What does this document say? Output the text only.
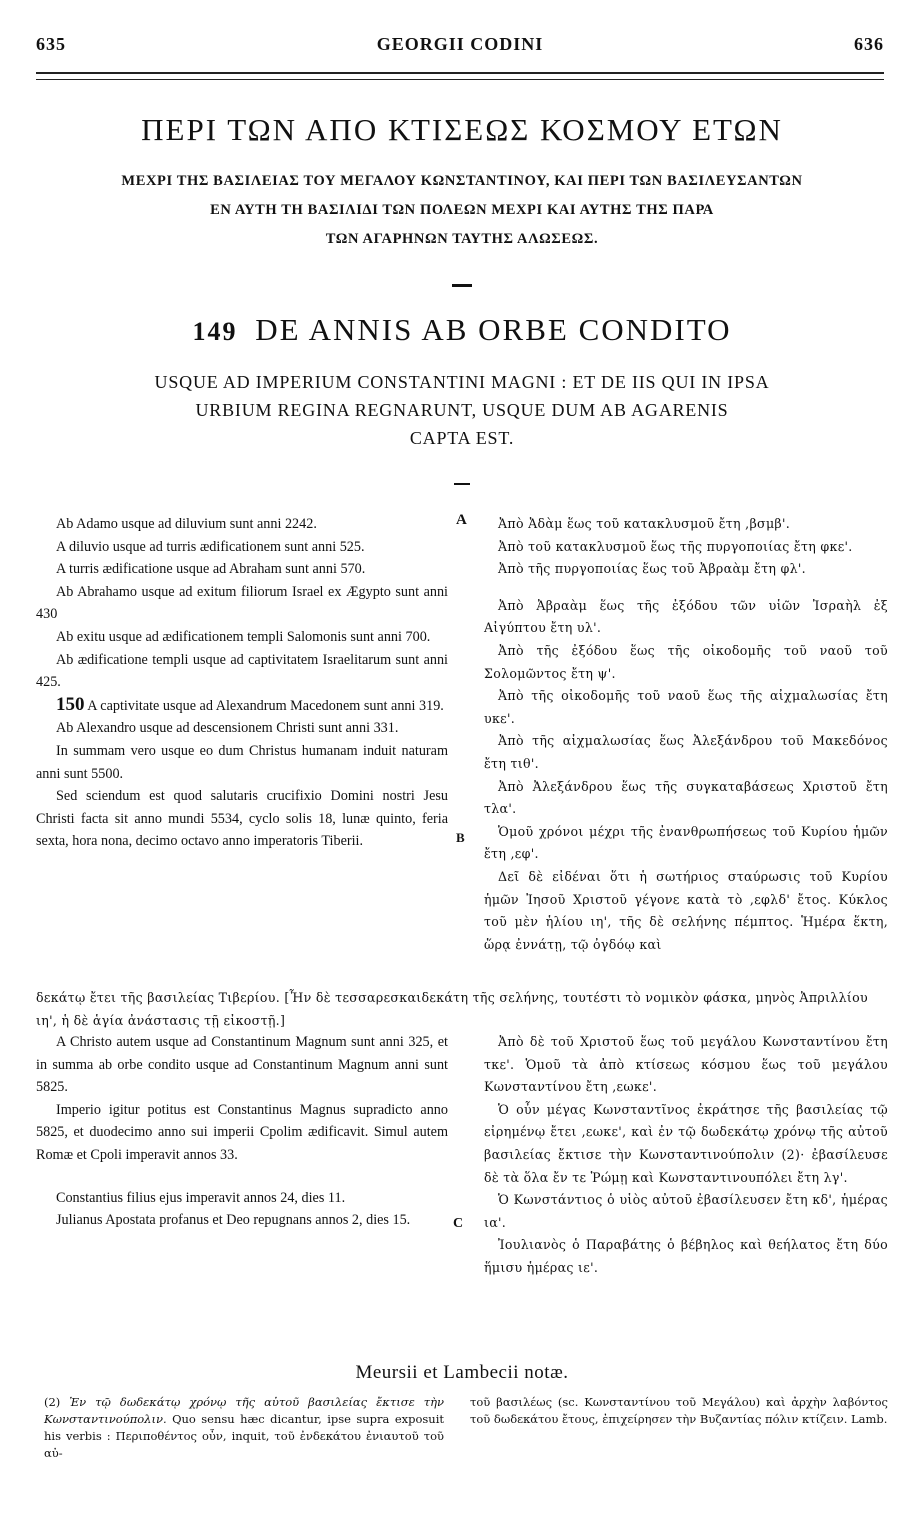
635	GEORGII CODINI	636
ΠΕΡΙ ΤΩΝ ΑΠΟ ΚΤΙΣΕΩΣ ΚΟΣΜΟΥ ΕΤΩΝ
ΜΕΧΡΙ ΤΗΣ ΒΑΣΙΛΕΙΑΣ ΤΟΥ ΜΕΓΑΛΟΥ ΚΩΝΣΤΑΝΤΙΝΟΥ, ΚΑΙ ΠΕΡΙ ΤΩΝ ΒΑΣΙΛΕΥΣΑΝΤΩΝ
ΕΝ ΑΥΤΗ ΤΗ ΒΑΣΙΛΙΔΙ ΤΩΝ ΠΟΛΕΩΝ ΜΕΧΡΙ ΚΑΙ ΑΥΤΗΣ ΤΗΣ ΠΑΡΑ
ΤΩΝ ΑΓΑΡΗΝΩΝ ΤΑΥΤΗΣ ΑΛΩΣΕΩΣ.
149 DE ANNIS AB ORBE CONDITO
USQUE AD IMPERIUM CONSTANTINI MAGNI : ET DE IIS QUI IN IPSA
URBIUM REGINA REGNARUNT, USQUE DUM AB AGARENIS
CAPTA EST.
A
B
C

Ab Adamo usque ad diluvium sunt anni 2242.

A diluvio usque ad turris ædificationem sunt anni 525.

A turris ædificatione usque ad Abraham sunt anni 570.

Ab Abrahamo usque ad exitum filiorum Israel ex Ægypto sunt anni 430

Ab exitu usque ad ædificationem templi Salomonis sunt anni 700.

Ab ædificatione templi usque ad captivitatem Israelitarum sunt anni 425.

150 A captivitate usque ad Alexandrum Macedonem sunt anni 319.

Ab Alexandro usque ad descensionem Christi sunt anni 331.

In summam vero usque eo dum Christus humanam induit naturam anni sunt 5500.

Sed sciendum est quod salutaris crucifixio Domini nostri Jesu Christi facta sit anno mundi 5534, cyclo solis 18, lunæ quinto, feria sexta, hora nona, decimo octavo anno imperatoris Tiberii.

Ἀπὸ Ἀδὰμ ἕως τοῦ κατακλυσμοῦ ἔτη ,βσμβ'.

Ἀπὸ τοῦ κατακλυσμοῦ ἕως τῆς πυργοποιίας ἔτη φκε'.

Ἀπὸ τῆς πυργοποιίας ἕως τοῦ Ἀβραὰμ ἔτη φλ'.

Ἀπὸ Ἀβραὰμ ἕως τῆς ἐξόδου τῶν υἱῶν Ἰσραὴλ ἐξ Αἰγύπτου ἔτη υλ'.

Ἀπὸ τῆς ἐξόδου ἕως τῆς οἰκοδομῆς τοῦ ναοῦ τοῦ Σολομῶντος ἔτη ψ'.

Ἀπὸ τῆς οἰκοδομῆς τοῦ ναοῦ ἕως τῆς αἰχμαλωσίας ἔτη υκε'.

Ἀπὸ τῆς αἰχμαλωσίας ἕως Ἀλεξάνδρου τοῦ Μακεδόνος ἔτη τιθ'.

Ἀπὸ Ἀλεξάνδρου ἕως τῆς συγκαταβάσεως Χριστοῦ ἔτη τλα'.

Ὁμοῦ χρόνοι μέχρι τῆς ἐνανθρωπήσεως τοῦ Κυρίου ἡμῶν ἔτη ,εφ'.

Δεῖ δὲ εἰδέναι ὅτι ἡ σωτήριος σταύρωσις τοῦ Κυρίου ἡμῶν Ἰησοῦ Χριστοῦ γέγονε κατὰ τὸ ,εφλδ' ἔτος. Κύκλος τοῦ μὲν ἡλίου ιη', τῆς δὲ σελήνης πέμπτος. Ἡμέρα ἕκτη, ὥρᾳ ἐννάτῃ, τῷ ὀγδόῳ καὶ

δεκάτῳ ἔτει τῆς βασιλείας Τιβερίου. [Ἦν δὲ τεσσαρεσκαιδεκάτη τῆς σελήνης, τουτέστι τὸ νομικὸν φάσκα, μηνὸς Ἀπριλλίου ιη', ἡ δὲ ἁγία ἀνάστασις τῇ εἰκοστῇ.]

A Christo autem usque ad Constantinum Magnum sunt anni 325, et in summa ab orbe condito usque ad Constantinum Magnum anni sunt 5825.

Imperio igitur potitus est Constantinus Magnus supradicto anno 5825, et duodecimo anno sui imperii Cpolim ædificavit. Simul autem Romæ et Cpoli imperavit annos 33.

Constantius filius ejus imperavit annos 24, dies 11.

Julianus Apostata profanus et Deo repugnans annos 2, dies 15.

Ἀπὸ δὲ τοῦ Χριστοῦ ἕως τοῦ μεγάλου Κωνσταντίνου ἔτη τκε'. Ὁμοῦ τὰ ἀπὸ κτίσεως κόσμου ἕως τοῦ μεγάλου Κωνσταντίνου ἔτη ,εωκε'.

Ὁ οὖν μέγας Κωνσταντῖνος ἐκράτησε τῆς βασιλείας τῷ εἰρημένῳ ἔτει ,εωκε', καὶ ἐν τῷ δωδεκάτῳ χρόνῳ τῆς αὐτοῦ βασιλείας ἔκτισε τὴν Κωνσταντινούπολιν (2)· ἐβασίλευσε δὲ τὰ ὅλα ἔν τε Ῥώμῃ καὶ Κωνσταντινουπόλει ἔτη λγ'.

Ὁ Κωνστάντιος ὁ υἱὸς αὐτοῦ ἐβασίλευσεν ἔτη κδ', ἡμέρας ια'.

Ἰουλιανὸς ὁ Παραβάτης ὁ βέβηλος καὶ θεήλατος ἔτη δύο ἥμισυ ἡμέρας ιε'.

Meursii et Lambecii notæ.
(2) Ἐν τῷ δωδεκάτῳ χρόνῳ τῆς αὐτοῦ βασιλείας ἔκτισε τὴν Κωνσταντινούπολιν. Quo sensu hæc dicantur, ipse supra exposuit his verbis : Περιποθέντος οὖν, inquit, τοῦ ἐνδεκάτου ἐνιαυτοῦ τοῦ αὐ-
τοῦ βασιλέως (sc. Κωνσταντίνου τοῦ Μεγάλου) καὶ ἀρχὴν λαβόντος τοῦ δωδεκάτου ἔτους, ἐπιχείρησεν τὴν Βυζαντίας πόλιν κτίζειν. Lamb.
